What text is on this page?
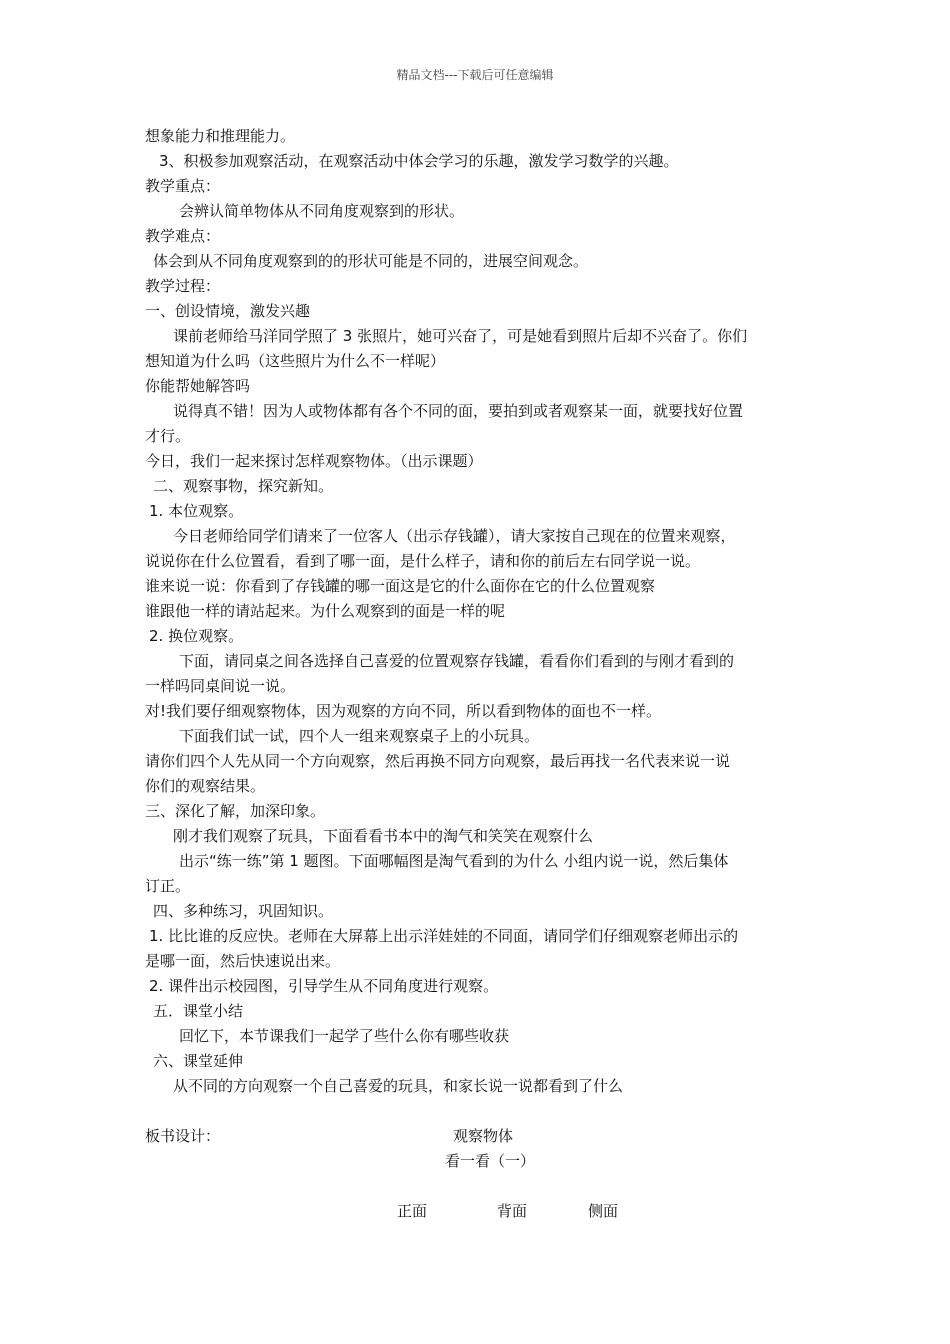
精品文档---下载后可任意编辑
想象能力和推理能力。
3、积极参加观察活动，在观察活动中体会学习的乐趣，激发学习数学的兴趣。
教学重点：
会辨认简单物体从不同角度观察到的形状。
教学难点：
体会到从不同角度观察到的的形状可能是不同的，进展空间观念。
教学过程：
一、创设情境，激发兴趣
课前老师给马洋同学照了 3 张照片，她可兴奋了，可是她看到照片后却不兴奋了。你们
想知道为什么吗（这些照片为什么不一样呢）
你能帮她解答吗
说得真不错！因为人或物体都有各个不同的面，要拍到或者观察某一面，就要找好位置
才行。
今日，我们一起来探讨怎样观察物体。（出示课题）
二、观察事物，探究新知。
1. 本位观察。
今日老师给同学们请来了一位客人（出示存钱罐），请大家按自己现在的位置来观察，
说说你在什么位置看，看到了哪一面，是什么样子，请和你的前后左右同学说一说。
谁来说一说：你看到了存钱罐的哪一面这是它的什么面你在它的什么位置观察
谁跟他一样的请站起来。为什么观察到的面是一样的呢
2. 换位观察。
下面，请同桌之间各选择自己喜爱的位置观察存钱罐，看看你们看到的与刚才看到的
一样吗同桌间说一说。
对!我们要仔细观察物体，因为观察的方向不同，所以看到物体的面也不一样。
下面我们试一试，四个人一组来观察桌子上的小玩具。
请你们四个人先从同一个方向观察，然后再换不同方向观察，最后再找一名代表来说一说
你们的观察结果。
三、深化了解，加深印象。
刚才我们观察了玩具，下面看看书本中的淘气和笑笑在观察什么
出示“练一练”第 1 题图。下面哪幅图是淘气看到的为什么 小组内说一说，然后集体
订正。
四、多种练习，巩固知识。
1. 比比谁的反应快。老师在大屏幕上出示洋娃娃的不同面，请同学们仔细观察老师出示的
是哪一面，然后快速说出来。
2. 课件出示校园图，引导学生从不同角度进行观察。
五．课堂小结
回忆下，本节课我们一起学了些什么你有哪些收获
六、课堂延伸
从不同的方向观察一个自己喜爱的玩具，和家长说一说都看到了什么
板书设计：	观察物体
看一看（一）
正面	背面	侧面
